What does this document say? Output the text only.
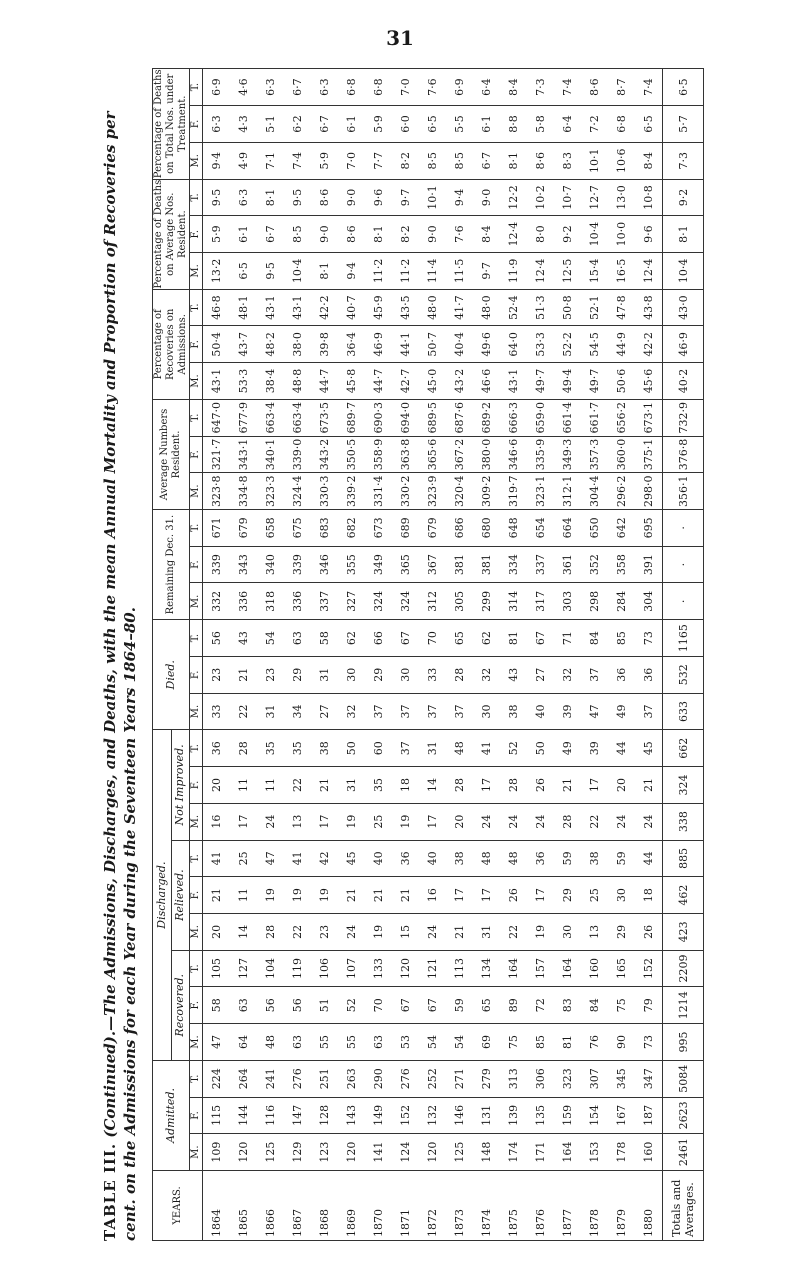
31
TABLE III. (Continued).—The Admissions, Discharges, and Deaths, with the mean Annual Mortality and Proportion of Recoveries per cent. on the Admissions for each Year during the Seventeen Years 1864–80.	YEARS.	Admitted.			Discharged.									Died.			Remaining Dec. 31.			Average Numbers Resident.			Percentage of Recoveries on Admissions.			Percentage of Deaths on Average Nos. Resident.			Percentage of Deaths on Total Nos. under Treatment.		
				Recovered.			Relieved.			Not Improved.																				
	M.	F.	T.	M.	F.	T.	M.	F.	T.	M.	F.	T.	M.	F.	T.	M.	F.	T.	M.	F.	T.	M.	F.	T.	M.	F.	T.	M.	F.	T.
1864	109	115	224	47	58	105	20	21	41	16	20	36	33	23	56	332	339	671	323·8	321·7	647·0	43·1	50·4	46·8	13·2	5·9	9·5	9·4	6·3	6·9
1865	120	144	264	64	63	127	14	11	25	17	11	28	22	21	43	336	343	679	334·8	343·1	677·9	53·3	43·7	48·1	6·5	6·1	6·3	4·9	4·3	4·6
1866	125	116	241	48	56	104	28	19	47	24	11	35	31	23	54	318	340	658	323·3	340·1	663·4	38·4	48·2	43·1	9·5	6·7	8·1	7·1	5·1	6·3
1867	129	147	276	63	56	119	22	19	41	13	22	35	34	29	63	336	339	675	324·4	339·0	663·4	48·8	38·0	43·1	10·4	8·5	9·5	7·4	6·2	6·7
1868	123	128	251	55	51	106	23	19	42	17	21	38	27	31	58	337	346	683	330·3	343·2	673·5	44·7	39·8	42·2	8·1	9·0	8·6	5·9	6·7	6·3
1869	120	143	263	55	52	107	24	21	45	19	31	50	32	30	62	327	355	682	339·2	350·5	689·7	45·8	36·4	40·7	9·4	8·6	9·0	7·0	6·1	6·8
1870	141	149	290	63	70	133	19	21	40	25	35	60	37	29	66	324	349	673	331·4	358·9	690·3	44·7	46·9	45·9	11·2	8·1	9·6	7·7	5·9	6·8
1871	124	152	276	53	67	120	15	21	36	19	18	37	37	30	67	324	365	689	330·2	363·8	694·0	42·7	44·1	43·5	11·2	8·2	9·7	8·2	6·0	7·0
1872	120	132	252	54	67	121	24	16	40	17	14	31	37	33	70	312	367	679	323·9	365·6	689·5	45·0	50·7	48·0	11·4	9·0	10·1	8·5	6·5	7·6
1873	125	146	271	54	59	113	21	17	38	20	28	48	37	28	65	305	381	686	320·4	367·2	687·6	43·2	40·4	41·7	11·5	7·6	9·4	8·5	5·5	6·9
1874	148	131	279	69	65	134	31	17	48	24	17	41	30	32	62	299	381	680	309·2	380·0	689·2	46·6	49·6	48·0	9·7	8·4	9·0	6·7	6·1	6·4
1875	174	139	313	75	89	164	22	26	48	24	28	52	38	43	81	314	334	648	319·7	346·6	666·3	43·1	64·0	52·4	11·9	12·4	12·2	8·1	8·8	8·4
1876	171	135	306	85	72	157	19	17	36	24	26	50	40	27	67	317	337	654	323·1	335·9	659·0	49·7	53·3	51·3	12·4	8·0	10·2	8·6	5·8	7·3
1877	164	159	323	81	83	164	30	29	59	28	21	49	39	32	71	303	361	664	312·1	349·3	661·4	49·4	52·2	50·8	12·5	9·2	10·7	8·3	6·4	7·4
1878	153	154	307	76	84	160	13	25	38	22	17	39	47	37	84	298	352	650	304·4	357·3	661·7	49·7	54·5	52·1	15·4	10·4	12·7	10·1	7·2	8·6
1879	178	167	345	90	75	165	29	30	59	24	20	44	49	36	85	284	358	642	296·2	360·0	656·2	50·6	44·9	47·8	16·5	10·0	13·0	10·6	6·8	8·7
1880	160	187	347	73	79	152	26	18	44	24	21	45	37	36	73	304	391	695	298·0	375·1	673·1	45·6	42·2	43·8	12·4	9·6	10·8	8·4	6·5	7·4
Totals and Averages.	2461	2623	5084	995	1214	2209	423	462	885	338	324	662	633	532	1165	·	·	·	356·1	376·8	732·9	40·2	46·9	43·0	10·4	8·1	9·2	7·3	5·7	6·5
